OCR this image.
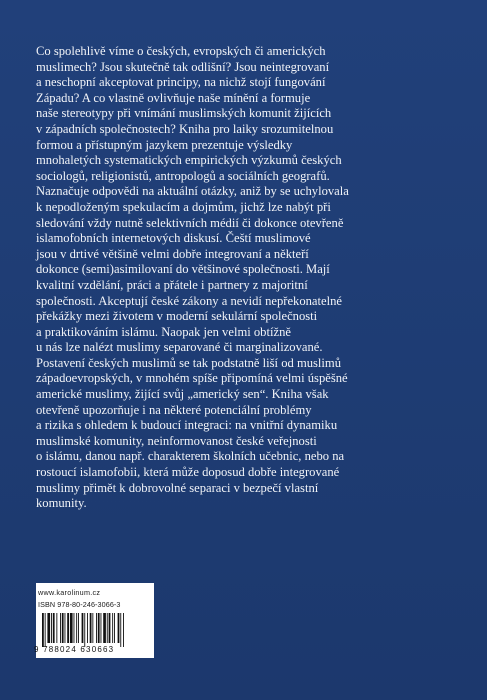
Co spolehlivě víme o českých, evropských či amerických
muslimech? Jsou skutečně tak odlišní? Jsou neintegrovaní
a neschopní akceptovat principy, na nichž stojí fungování
Západu? A co vlastně ovlivňuje naše mínění a formuje
naše stereotypy při vnímání muslimských komunit žijících
v západních společnostech? Kniha pro laiky srozumitelnou
formou a přístupným jazykem prezentuje výsledky
mnohaletých systematických empirických výzkumů českých
sociologů, religionistů, antropologů a sociálních geografů.
Naznačuje odpovědi na aktuální otázky, aniž by se uchylovala
k nepodloženým spekulacím a dojmům, jichž lze nabýt při
sledování vždy nutně selektivních médií či dokonce otevřeně
islamofobních internetových diskusí. Čeští muslimové
jsou v drtivé většině velmi dobře integrovaní a někteří
dokonce (semi)asimilovaní do většinové společnosti. Mají
kvalitní vzdělání, práci a přátele i partnery z majoritní
společnosti. Akceptují české zákony a nevidí nepřekonatelné
překážky mezi životem v moderní sekulární společnosti
a praktikováním islámu. Naopak jen velmi obtížně
u nás lze nalézt muslimy separované či marginalizované.
Postavení českých muslimů se tak podstatně liší od muslimů
západoevropských, v mnohém spíše připomíná velmi úspěšné
americké muslimy, žijící svůj „americký sen“. Kniha však
otevřeně upozorňuje i na některé potenciální problémy
a rizika s ohledem k budoucí integraci: na vnitřní dynamiku
muslimské komunity, neinformovanost české veřejnosti
o islámu, danou např. charakterem školních učebnic, nebo na
rostoucí islamofobii, která může doposud dobře integrované
muslimy přimět k dobrovolné separaci v bezpečí vlastní
komunity.
www.karolinum.cz
ISBN 978-80-246-3066-3
9 788024 630663
